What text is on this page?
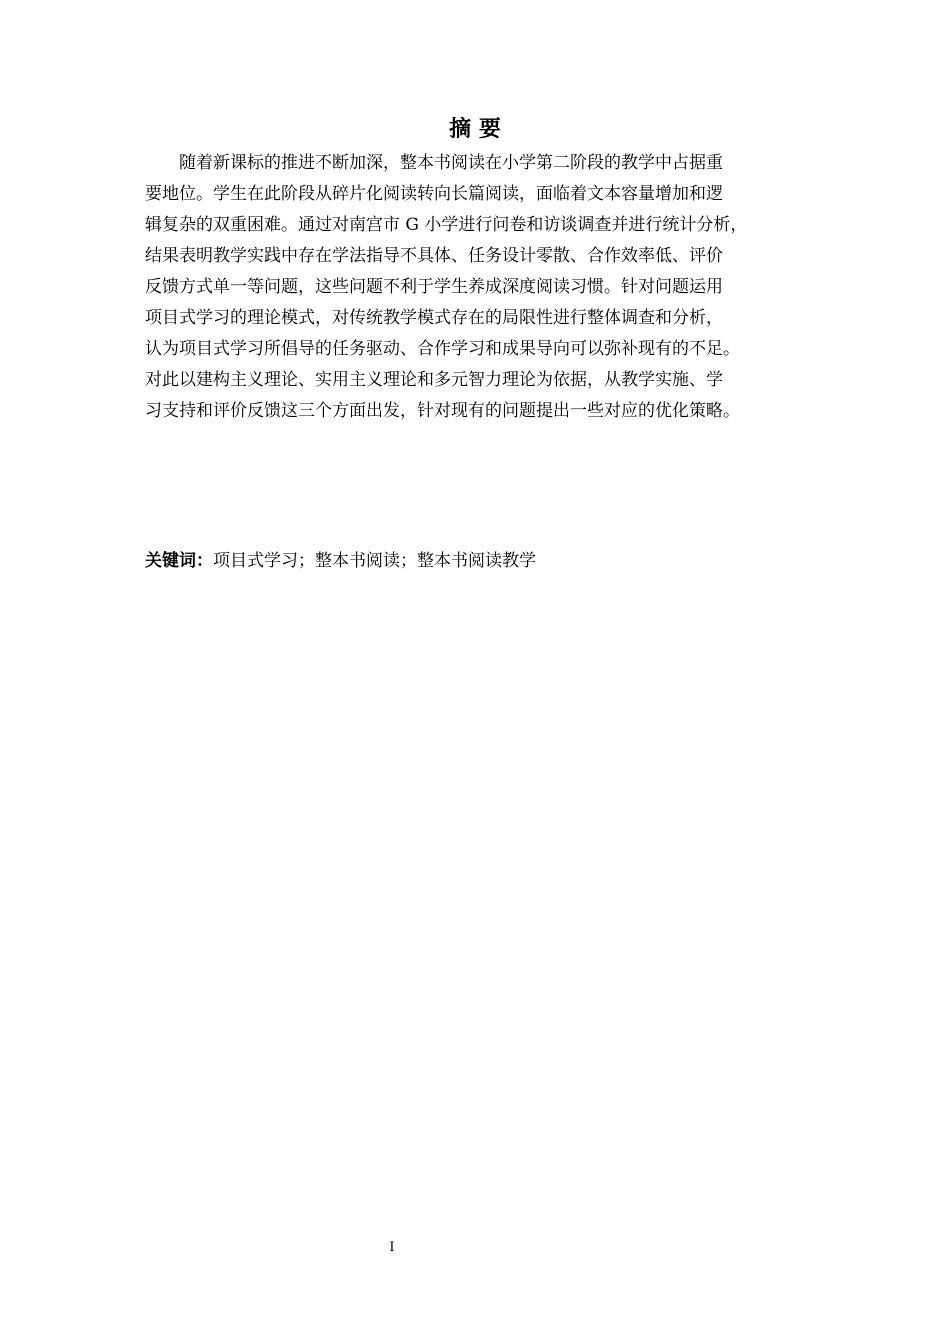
摘 要
　　随着新课标的推进不断加深，整本书阅读在小学第二阶段的教学中占据重
要地位。学生在此阶段从碎片化阅读转向长篇阅读，面临着文本容量增加和逻
辑复杂的双重困难。通过对南宫市 G 小学进行问卷和访谈调查并进行统计分析，
结果表明教学实践中存在学法指导不具体、任务设计零散、合作效率低、评价
反馈方式单一等问题，这些问题不利于学生养成深度阅读习惯。针对问题运用
项目式学习的理论模式，对传统教学模式存在的局限性进行整体调查和分析，
认为项目式学习所倡导的任务驱动、合作学习和成果导向可以弥补现有的不足。
对此以建构主义理论、实用主义理论和多元智力理论为依据，从教学实施、学
习支持和评价反馈这三个方面出发，针对现有的问题提出一些对应的优化策略。
关键词：项目式学习；整本书阅读；整本书阅读教学
I
